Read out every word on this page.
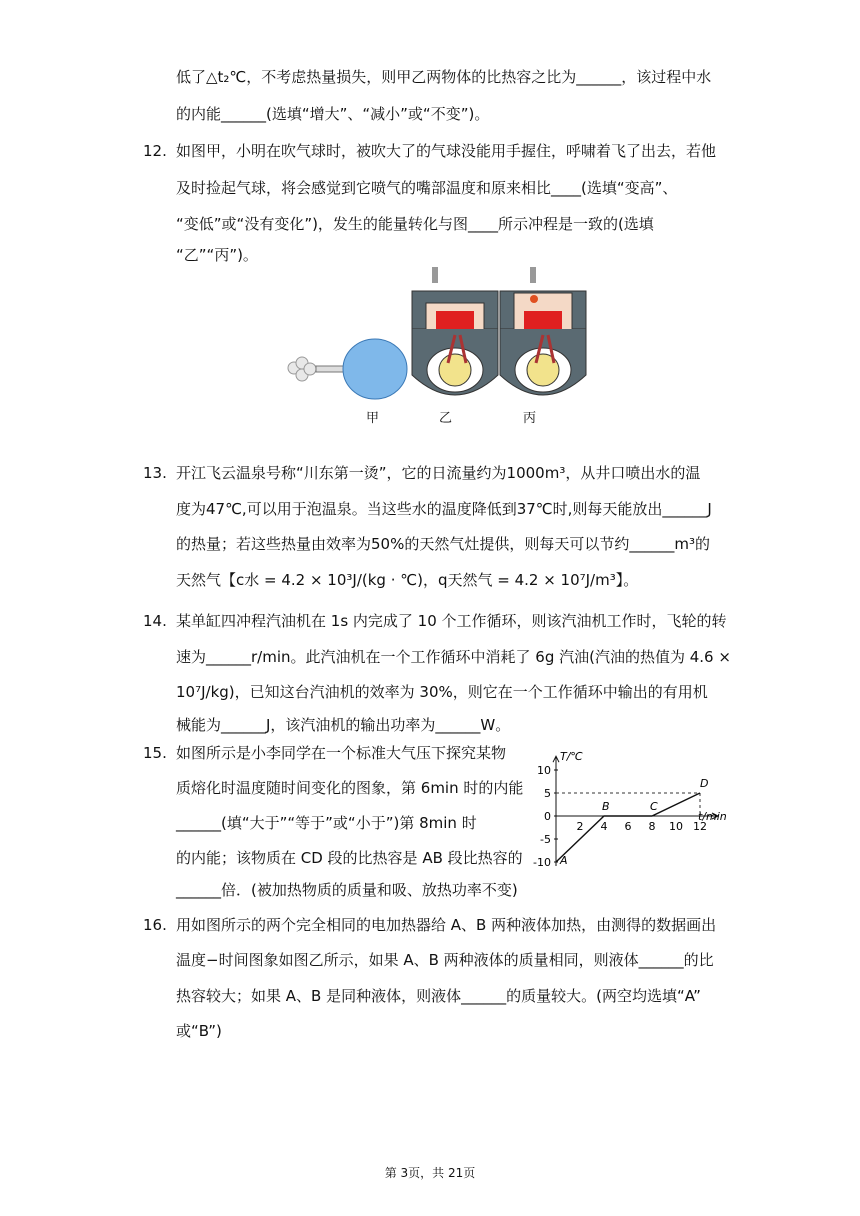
低了△t₂℃，不考虑热量损失，则甲乙两物体的比热容之比为______，该过程中水
的内能______(选填“增大”、“减小”或“不变”)。
12. 如图甲，小明在吹气球时，被吹大了的气球没能用手握住，呼啸着飞了出去，若他
及时捡起气球，将会感觉到它喷气的嘴部温度和原来相比____(选填“变高”、
“变低”或“没有变化”)，发生的能量转化与图____所示冲程是一致的(选填
“乙”“丙”)。
甲	乙	丙
13. 开江飞云温泉号称“川东第一烫”，它的日流量约为1000m³，从井口喷出水的温
度为47℃,可以用于泡温泉。当这些水的温度降低到37℃时,则每天能放出______J
的热量；若这些热量由效率为50%的天然气灶提供，则每天可以节约______m³的
天然气【c水 = 4.2 × 10³J/(kg · ℃)，q天然气 = 4.2 × 10⁷J/m³】。
14. 某单缸四冲程汽油机在 1s 内完成了 10 个工作循环，则该汽油机工作时，飞轮的转
速为______r/min。此汽油机在一个工作循环中消耗了 6g 汽油(汽油的热值为 4.6 ×
10⁷J/kg)，已知这台汽油机的效率为 30%，则它在一个工作循环中输出的有用机
械能为______J，该汽油机的输出功率为______W。
15. 如图所示是小李同学在一个标准大气压下探究某物
质熔化时温度随时间变化的图象，第 6min 时的内能
______(填“大于”“等于”或“小于”)第 8min 时
的内能；该物质在 CD 段的比热容是 AB 段比热容的
______倍．(被加热物质的质量和吸、放热功率不变)
T/℃
t/min
2 4 6 8 10 12
10
5
0
-5
-10 A
B	C
D
16. 用如图所示的两个完全相同的电加热器给 A、B 两种液体加热，由测得的数据画出
温度−时间图象如图乙所示，如果 A、B 两种液体的质量相同，则液体______的比
热容较大；如果 A、B 是同种液体，则液体______的质量较大。(两空均选填“A”
或“B”)
第 3页，共 21页
